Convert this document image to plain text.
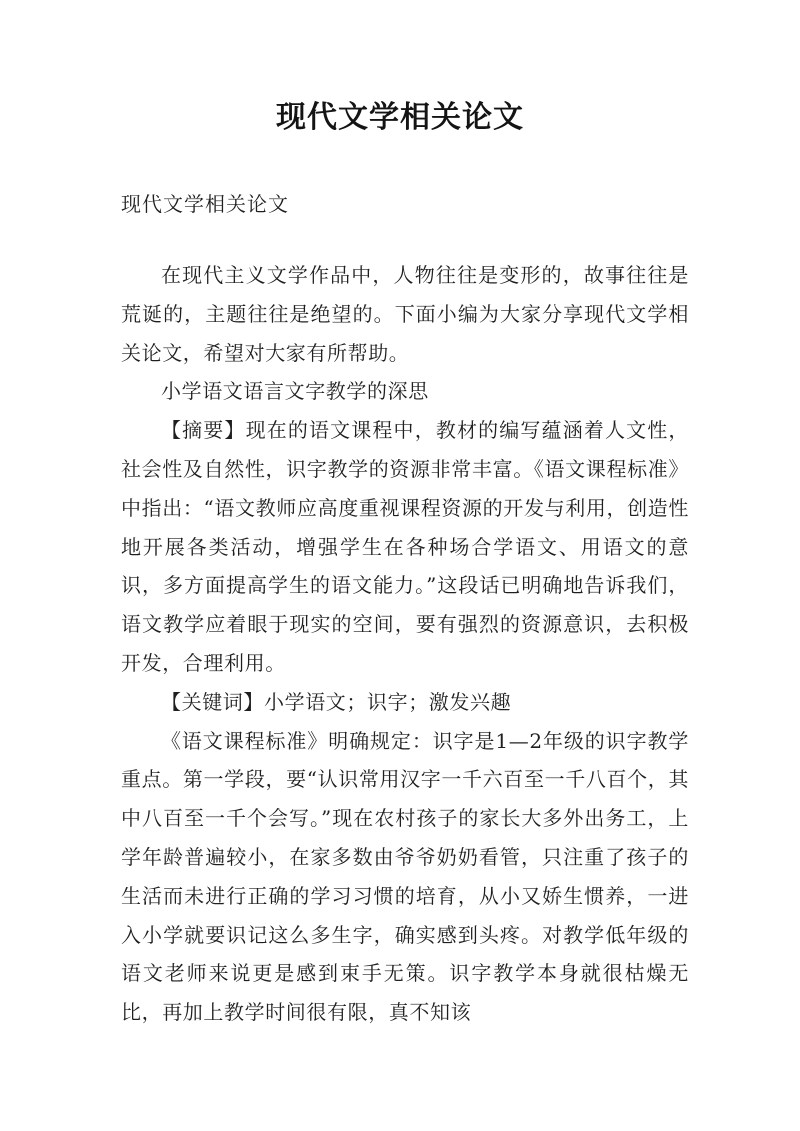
现代文学相关论文
现代文学相关论文

在现代主义文学作品中，人物往往是变形的，故事往往是荒诞的，主题往往是绝望的。下面小编为大家分享现代文学相关论文，希望对大家有所帮助。

小学语文语言文字教学的深思

【摘要】现在的语文课程中，教材的编写蕴涵着人文性，社会性及自然性，识字教学的资源非常丰富。《语文课程标准》中指出：“语文教师应高度重视课程资源的开发与利用，创造性地开展各类活动，增强学生在各种场合学语文、用语文的意识，多方面提高学生的语文能力。”这段话已明确地告诉我们，语文教学应着眼于现实的空间，要有强烈的资源意识，去积极开发，合理利用。

【关键词】小学语文；识字；激发兴趣

《语文课程标准》明确规定：识字是1—2年级的识字教学重点。第一学段，要“认识常用汉字一千六百至一千八百个，其中八百至一千个会写。”现在农村孩子的家长大多外出务工，上学年龄普遍较小，在家多数由爷爷奶奶看管，只注重了孩子的生活而未进行正确的学习习惯的培育，从小又娇生惯养，一进入小学就要识记这么多生字，确实感到头疼。对教学低年级的语文老师来说更是感到束手无策。识字教学本身就很枯燥无比，再加上教学时间很有限，真不知该
